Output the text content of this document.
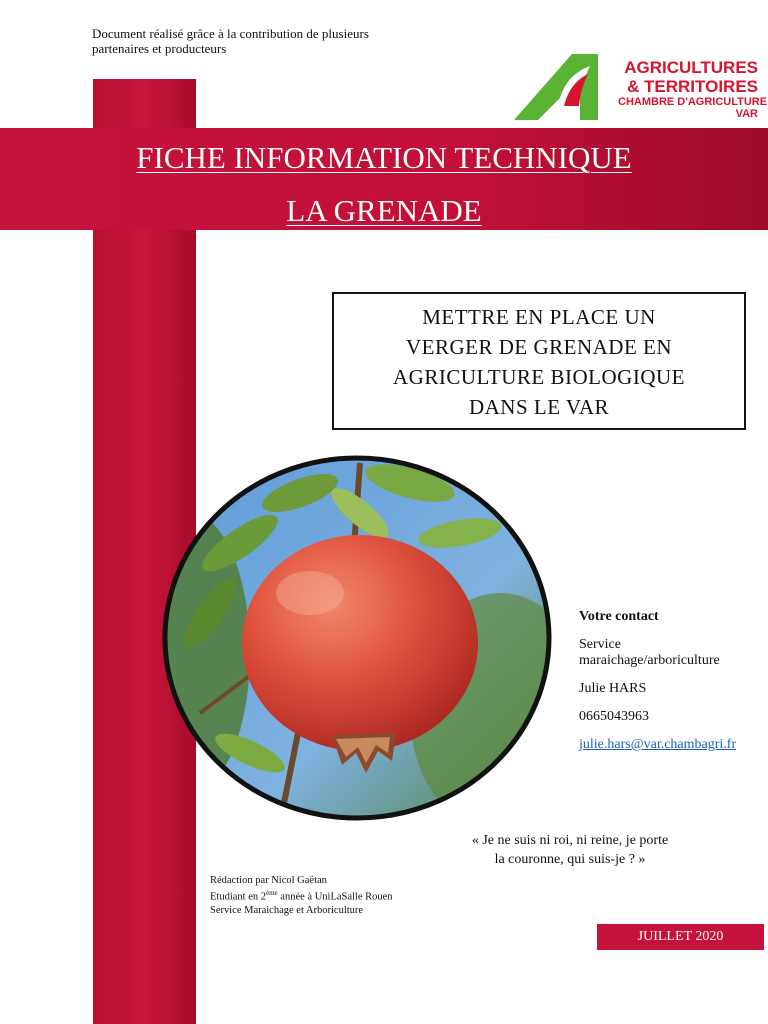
Document réalisé grâce à la contribution de plusieurs
partenaires et producteurs
AGRICULTURES
& TERRITOIRES
CHAMBRE D'AGRICULTURE
VAR
FICHE INFORMATION TECHNIQUE
LA GRENADE
METTRE EN PLACE UN
VERGER DE GRENADE EN
AGRICULTURE BIOLOGIQUE
DANS LE VAR
Votre contact
Service
maraichage/arboriculture
Julie HARS
0665043963
julie.hars@var.chambagri.fr
« Je ne suis ni roi, ni reine, je porte
la couronne, qui suis-je ? »
Rédaction par Nicol Gaëtan
Etudiant en 2ème année à UniLaSalle Rouen
Service Maraichage et Arboriculture
JUILLET 2020
